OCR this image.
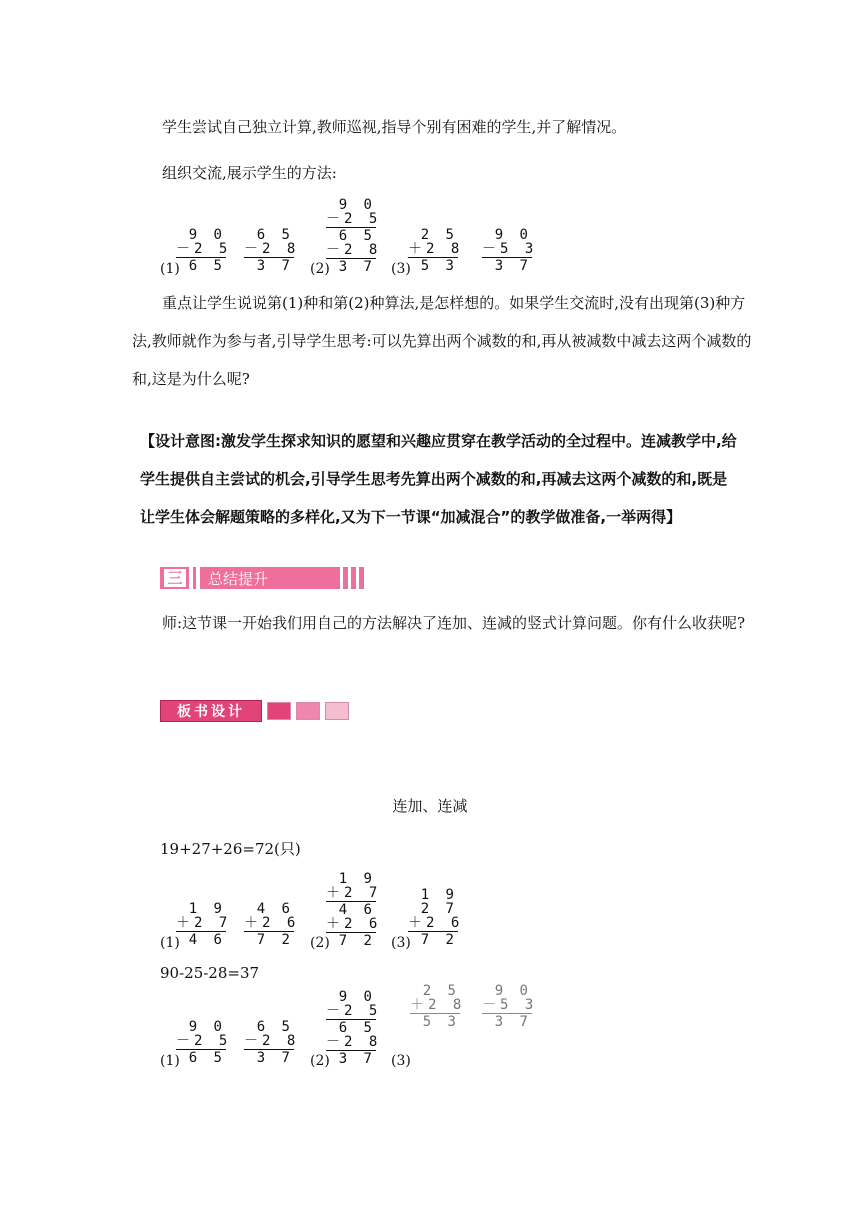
学生尝试自己独立计算,教师巡视,指导个别有困难的学生,并了解情况。

组织交流,展示学生的方法:

(1)
9 0
－2 5
6 5
6 5
－2 8
3 7 (2)
9 0
－2 5
6 5
－2 8
3 7 (3)
2 5
＋2 8
5 3
9 0
－5 3
3 7

重点让学生说说第(1)种和第(2)种算法,是怎样想的。如果学生交流时,没有出现第(3)种方法,教师就作为参与者,引导学生思考:可以先算出两个减数的和,再从被减数中减去这两个减数的和,这是为什么呢?

【设计意图:激发学生探求知识的愿望和兴趣应贯穿在教学活动的全过程中。连减教学中,给学生提供自主尝试的机会,引导学生思考先算出两个减数的和,再减去这两个减数的和,既是让学生体会解题策略的多样化,又为下一节课“加减混合”的教学做准备,一举两得】

三 总结提升

师:这节课一开始我们用自己的方法解决了连加、连减的竖式计算问题。你有什么收获呢?

板书设计
连加、连减
19+27+26=72(只)
(1)
1 9
＋2 7
4 6
4 6
＋2 6
7 2 (2)
1 9
＋2 7
4 6
＋2 6
7 2 (3)
1 9
2 7
＋2 6
7 2
90-25-28=37
(1)
9 0
－2 5
6 5
6 5
－2 8
3 7 (2)
9 0
－2 5
6 5
－2 8
3 7 (3)
2 5
＋2 8
5 3
9 0
－5 3
3 7
